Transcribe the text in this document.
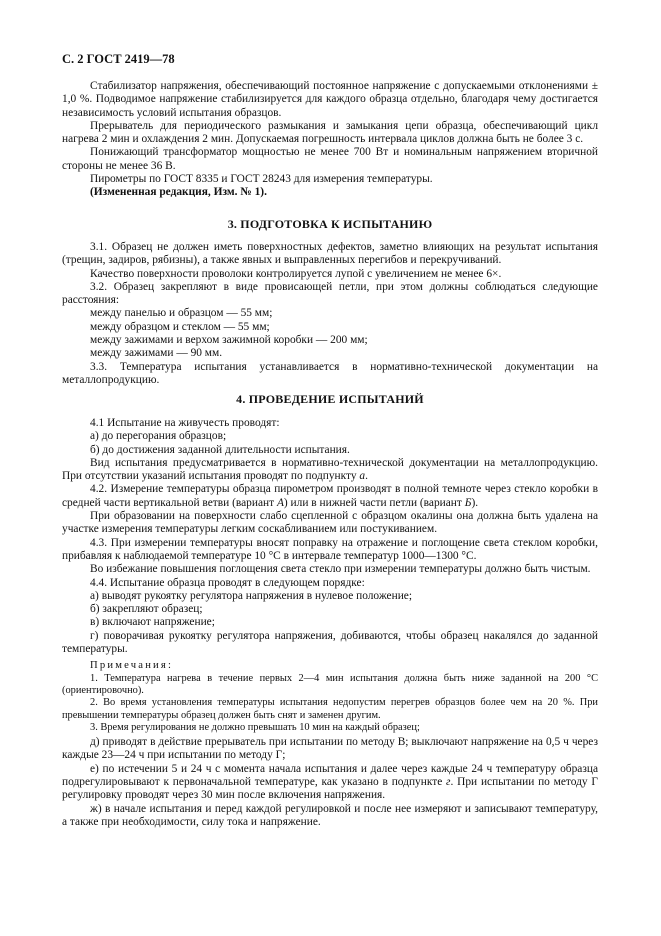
С. 2 ГОСТ 2419—78

Стабилизатор напряжения, обеспечивающий постоянное напряжение с допускаемыми отклонениями ± 1,0 %. Подводимое напряжение стабилизируется для каждого образца отдельно, благодаря чему достигается независимость условий испытания образцов.

Прерыватель для периодического размыкания и замыкания цепи образца, обеспечивающий цикл нагрева 2 мин и охлаждения 2 мин. Допускаемая погрешность интервала циклов должна быть не более 3 с.

Понижающий трансформатор мощностью не менее 700 Вт и номинальным напряжением вторичной стороны не менее 36 В.

Пирометры по ГОСТ 8335 и ГОСТ 28243 для измерения температуры.

(Измененная редакция, Изм. № 1).

3. ПОДГОТОВКА К ИСПЫТАНИЮ

3.1. Образец не должен иметь поверхностных дефектов, заметно влияющих на результат испытания (трещин, задиров, рябизны), а также явных и выправленных перегибов и перекручиваний.

Качество поверхности проволоки контролируется лупой с увеличением не менее 6×.

3.2. Образец закрепляют в виде провисающей петли, при этом должны соблюдаться следующие расстояния:

между панелью и образцом — 55 мм;

между образцом и стеклом — 55 мм;

между зажимами и верхом зажимной коробки — 200 мм;

между зажимами — 90 мм.

3.3. Температура испытания устанавливается в нормативно-технической документации на металлопродукцию.

4. ПРОВЕДЕНИЕ ИСПЫТАНИЙ

4.1 Испытание на живучесть проводят:

а) до перегорания образцов;

б) до достижения заданной длительности испытания.

Вид испытания предусматривается в нормативно-технической документации на металлопродукцию. При отсутствии указаний испытания проводят по подпункту а.

4.2. Измерение температуры образца пирометром производят в полной темноте через стекло коробки в средней части вертикальной ветви (вариант А) или в нижней части петли (вариант Б).

При образовании на поверхности слабо сцепленной с образцом окалины она должна быть удалена на участке измерения температуры легким соскабливанием или постукиванием.

4.3. При измерении температуры вносят поправку на отражение и поглощение света стеклом коробки, прибавляя к наблюдаемой температуре 10 °С в интервале температур 1000—1300 °С.

Во избежание повышения поглощения света стекло при измерении температуры должно быть чистым.

4.4. Испытание образца проводят в следующем порядке:

а) выводят рукоятку регулятора напряжения в нулевое положение;

б) закрепляют образец;

в) включают напряжение;

г) поворачивая рукоятку регулятора напряжения, добиваются, чтобы образец накалялся до заданной температуры.

Примечания:

1. Температура нагрева в течение первых 2—4 мин испытания должна быть ниже заданной на 200 °С (ориентировочно).

2. Во время установления температуры испытания недопустим перегрев образцов более чем на 20 %. При превышении температуры образец должен быть снят и заменен другим.

3. Время регулирования не должно превышать 10 мин на каждый образец;

д) приводят в действие прерыватель при испытании по методу В; выключают напряжение на 0,5 ч через каждые 23—24 ч при испытании по методу Г;

е) по истечении 5 и 24 ч с момента начала испытания и далее через каждые 24 ч температуру образца подрегулировывают к первоначальной температуре, как указано в подпункте г. При испытании по методу Г регулировку проводят через 30 мин после включения напряжения.

ж) в начале испытания и перед каждой регулировкой и после нее измеряют и записывают температуру, а также при необходимости, силу тока и напряжение.
